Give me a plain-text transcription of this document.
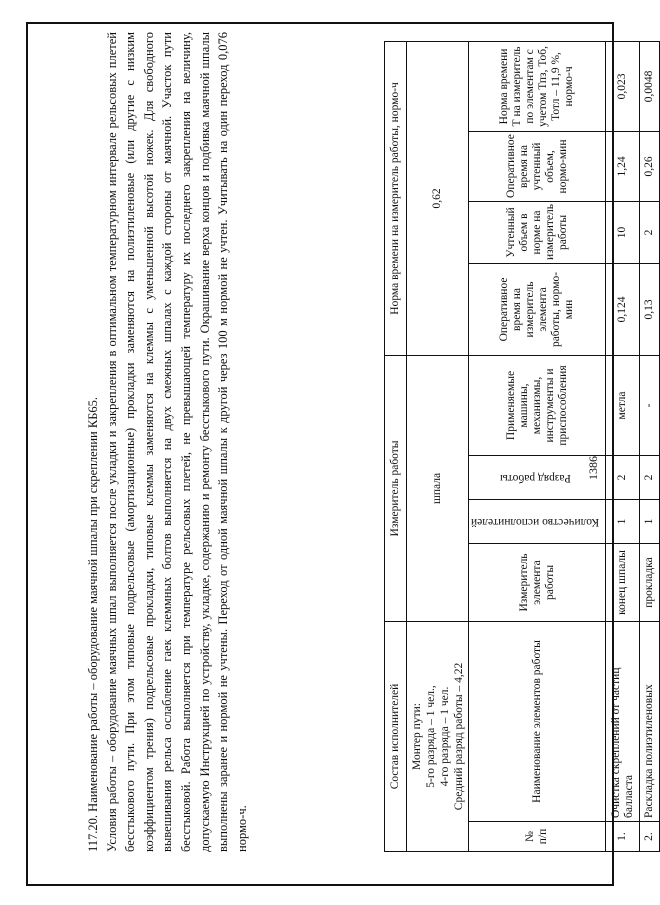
1386

117.20. Наименование работы – оборудование маячной шпалы при скреплении КБ65. Условия работы – оборудование маячных шпал выполняется после укладки и закрепления в оптимальном температурном интервале рельсовых плетей бесстыкового пути. При этом типовые подрельсовые (амортизационные) прокладки заменяются на полиэтиленовые (или другие с низким коэффициентом трения) подрельсовые прокладки, типовые клеммы заменяются на клеммы с уменьшенной высотой ножек. Для свободного вывешивания рельса ослабление гаек клеммных болтов выполняется на двух смежных шпалах с каждой стороны от маячной. Участок пути бесстыковой. Работа выполняется при температуре рельсовых плетей, не превышающей температуру их последнего закрепления на величину, допускаемую Инструкцией по устройству, укладке, содержанию и ремонту бесстыкового пути. Окрашивание верха концов и подбивка маячной шпалы выполнены заранее и нормой не учтены. Переход от одной маячной шпалы к другой через 100 м нормой не учтен. Учитывать на один переход 0,076 нормо-ч.

Состав исполнителей		Измеритель работы				Норма времени на измеритель работы, нормо-ч			

Монтер пути: 5-го разряда – 1 чел., 4-го разряда – 1 чел. Средний разряд работы – 4,22		шпала				0,62			
№ п/п	Наименование элементов работы	Измеритель элемента работы	Количество исполнителей	Разряд работы	Применяемые машины, механизмы, инструменты и приспособления	Оперативное время на измеритель элемента работы, нормо-мин	Учтенный объем в норме на измеритель работы	Оперативное время на учтенный объем, нормо-мин	Норма времени Т на измеритель по элементам с учетом Тпз, Тоб, Тотл – 11,9 %, нормо-ч
1.	Очистка скреплений от частиц балласта	конец шпалы	1	2	метла	0,124	10	1,24	0,023
2.	Раскладка полиэтиленовых	прокладка	1	2	-	0,13	2	0,26	0,0048
